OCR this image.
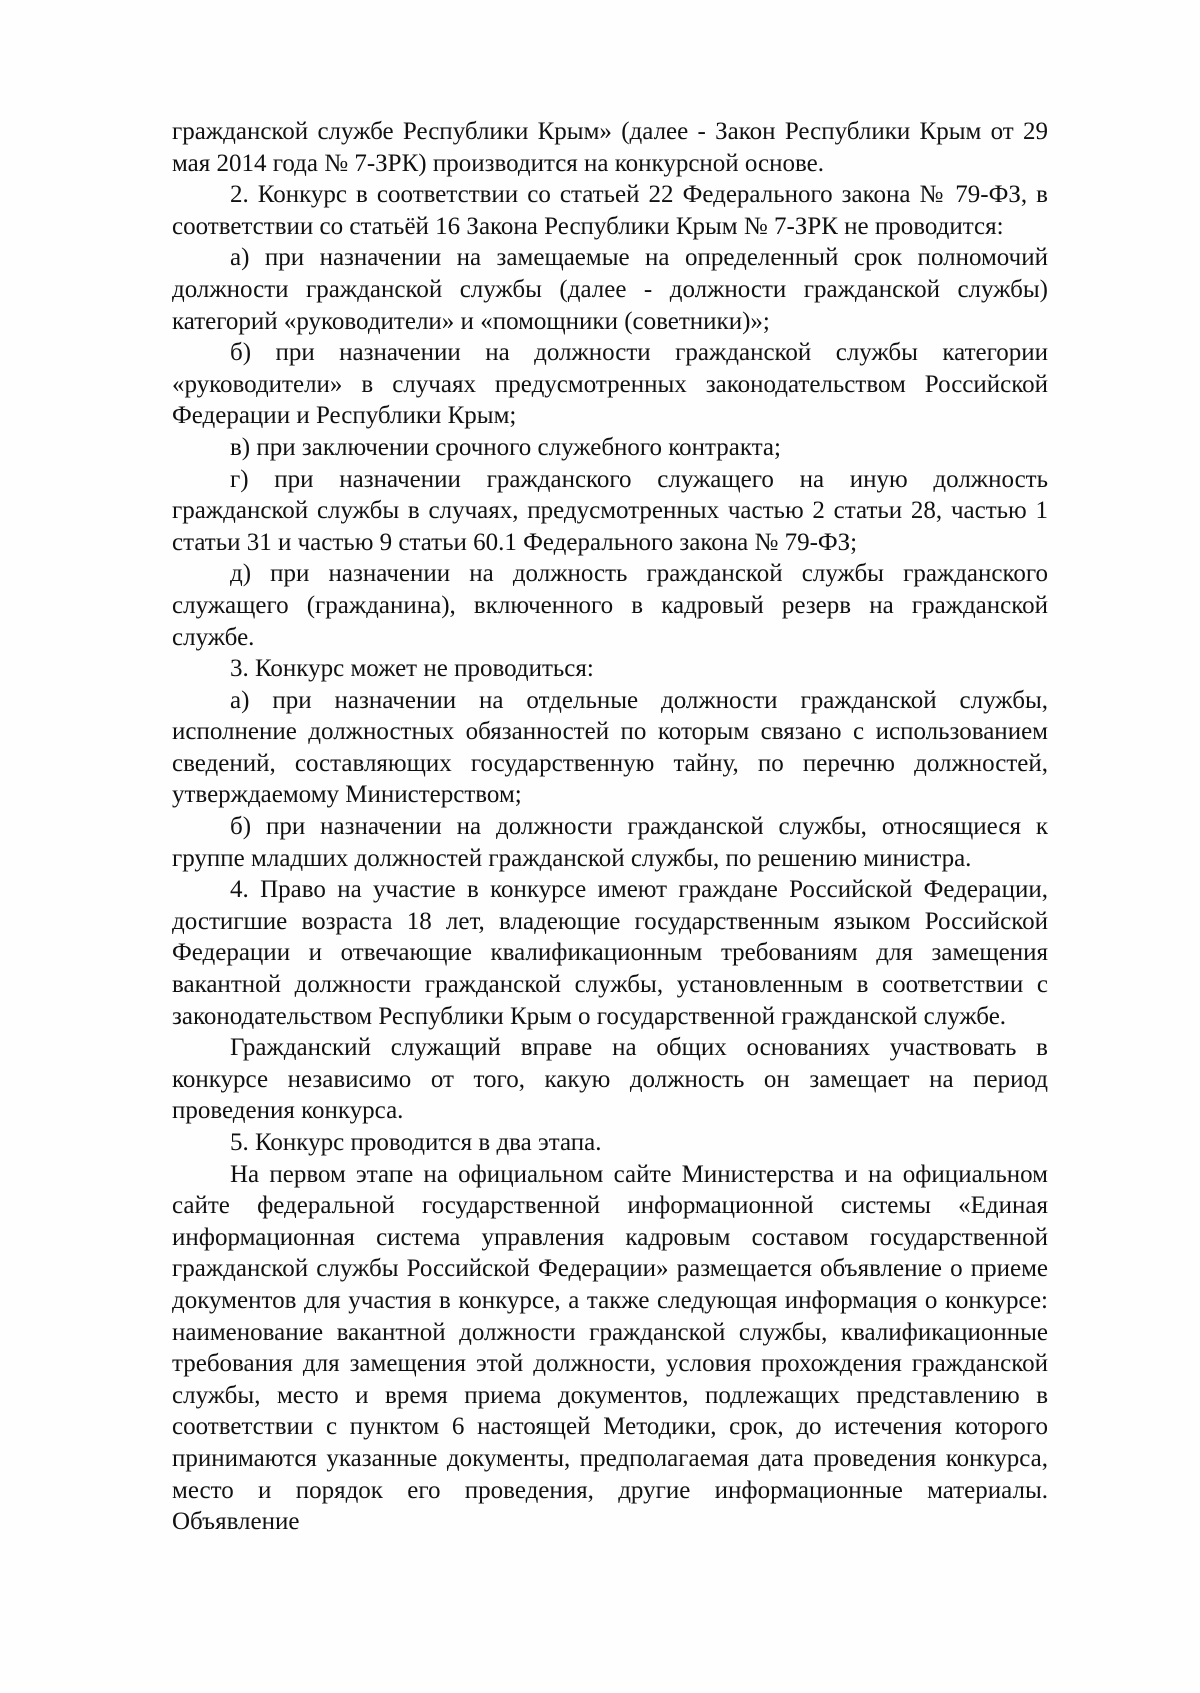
гражданской службе Республики Крым» (далее - Закон Республики Крым от 29 мая 2014 года № 7-ЗРК) производится на конкурсной основе.

2. Конкурс в соответствии со статьей 22 Федерального закона № 79-ФЗ, в соответствии со статьёй 16 Закона Республики Крым № 7-ЗРК не проводится:

а) при назначении на замещаемые на определенный срок полномочий должности гражданской службы (далее - должности гражданской службы) категорий «руководители» и «помощники (советники)»;

б) при назначении на должности гражданской службы категории «руководители» в случаях предусмотренных законодательством Российской Федерации и Республики Крым;

в) при заключении срочного служебного контракта;

г) при назначении гражданского служащего на иную должность гражданской службы в случаях, предусмотренных частью 2 статьи 28, частью 1 статьи 31 и частью 9 статьи 60.1 Федерального закона № 79-ФЗ;

д) при назначении на должность гражданской службы гражданского служащего (гражданина), включенного в кадровый резерв на гражданской службе.

3. Конкурс может не проводиться:

а) при назначении на отдельные должности гражданской службы, исполнение должностных обязанностей по которым связано с использованием сведений, составляющих государственную тайну, по перечню должностей, утверждаемому Министерством;

б) при назначении на должности гражданской службы, относящиеся к группе младших должностей гражданской службы, по решению министра.

4. Право на участие в конкурсе имеют граждане Российской Федерации, достигшие возраста 18 лет, владеющие государственным языком Российской Федерации и отвечающие квалификационным требованиям для замещения вакантной должности гражданской службы, установленным в соответствии с законодательством Республики Крым о государственной гражданской службе.

Гражданский служащий вправе на общих основаниях участвовать в конкурсе независимо от того, какую должность он замещает на период проведения конкурса.

5. Конкурс проводится в два этапа.

На первом этапе на официальном сайте Министерства и на официальном сайте федеральной государственной информационной системы «Единая информационная система управления кадровым составом государственной гражданской службы Российской Федерации» размещается объявление о приеме документов для участия в конкурсе, а также следующая информация о конкурсе: наименование вакантной должности гражданской службы, квалификационные требования для замещения этой должности, условия прохождения гражданской службы, место и время приема документов, подлежащих представлению в соответствии с пунктом 6 настоящей Методики, срок, до истечения которого принимаются указанные документы, предполагаемая дата проведения конкурса, место и порядок его проведения, другие информационные материалы. Объявление
